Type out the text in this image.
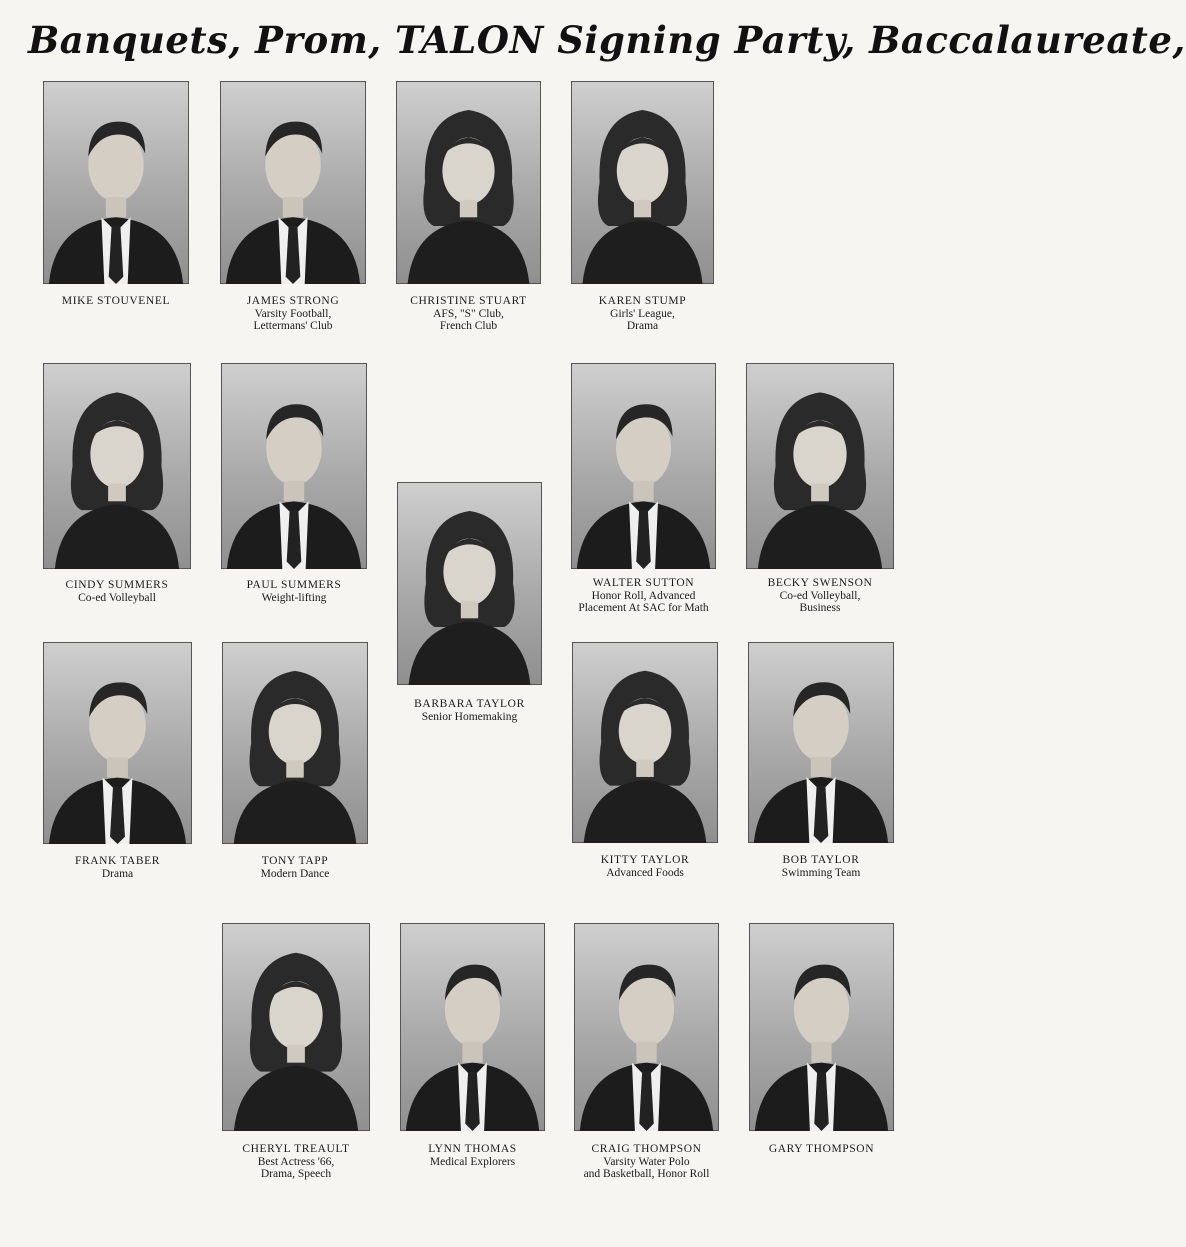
Banquets, Prom, TALON Signing Party, Baccalaureate,
MIKE STOUVENEL	JAMES STRONG
Varsity Football,
Lettermans' Club
CHRISTINE STUART
AFS, "S" Club,
French Club
KAREN STUMP
Girls' League,
Drama
CINDY SUMMERS
Co-ed Volleyball
PAUL SUMMERS
Weight-lifting
BARBARA TAYLOR
Senior Homemaking
WALTER SUTTON
Honor Roll, Advanced
Placement At SAC for Math
BECKY SWENSON
Co-ed Volleyball,
Business
FRANK TABER
Drama
TONY TAPP
Modern Dance
KITTY TAYLOR
Advanced Foods
BOB TAYLOR
Swimming Team
CHERYL TREAULT
Best Actress '66,
Drama, Speech
LYNN THOMAS
Medical Explorers
CRAIG THOMPSON
Varsity Water Polo
and Basketball, Honor Roll
GARY THOMPSON
